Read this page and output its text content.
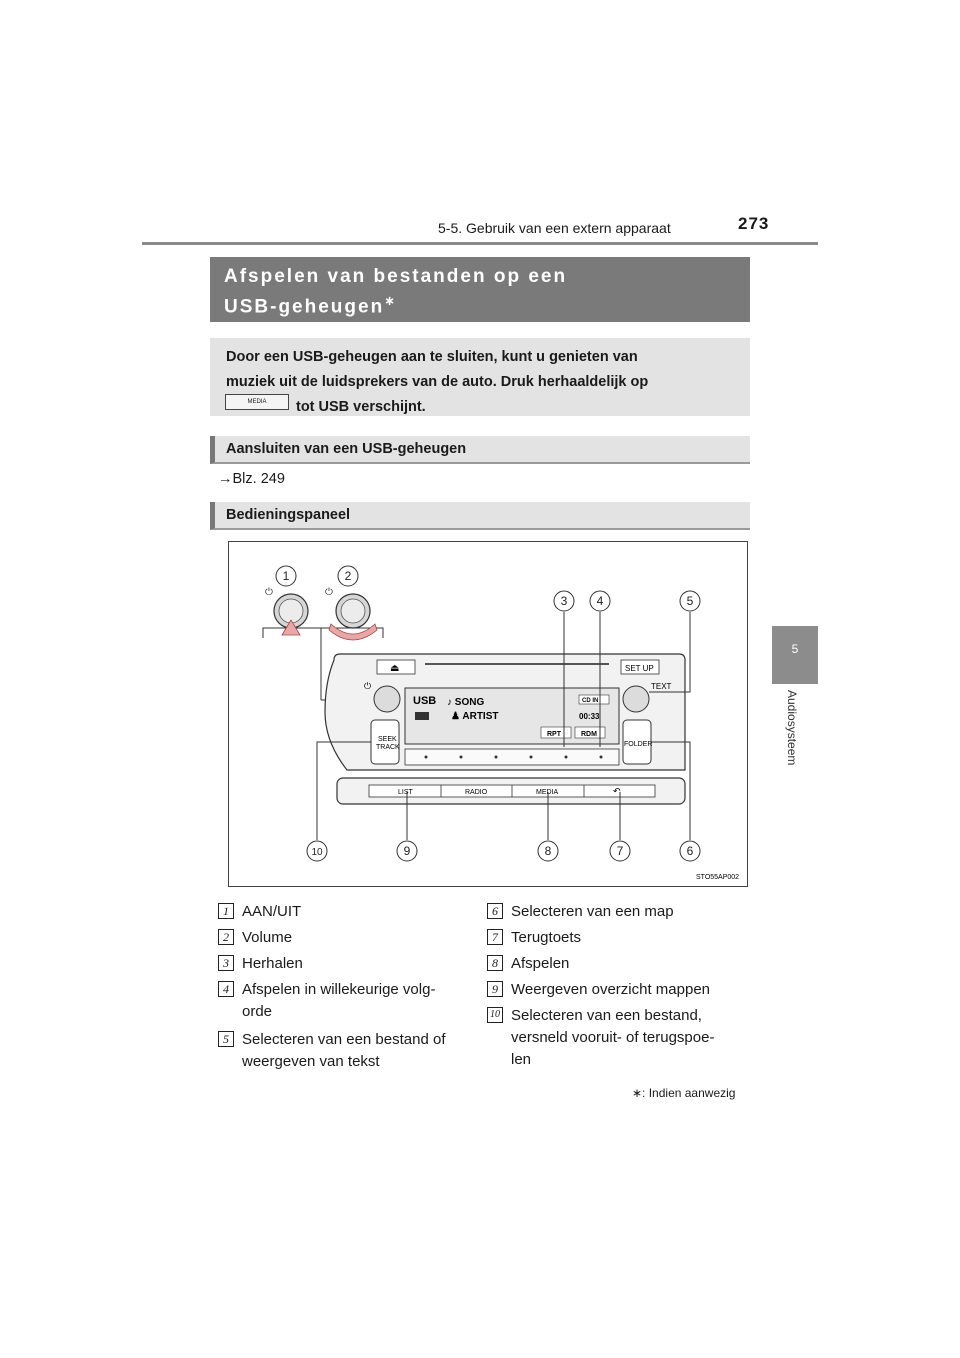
5-5. Gebruik van een extern apparaat	273
5
Audiosysteem
Afspelen van bestanden op een
USB-geheugen∗
Door een USB-geheugen aan te sluiten, kunt u genieten van
muziek uit de luidsprekers van de auto. Druk herhaaldelijk op
tot USB verschijnt.
MEDIA
Aansluiten van een USB-geheugen
→Blz. 249
Bedieningspaneel
⏻	⏻
⏏	SET UP
⏻	TEXT
USB ♪ SONG
♟ ARTIST
CD IN
00:33
RPT	RDM
SEEK
TRACK	FOLDER
LIST	RADIO	MEDIA	↶
1	2
3 4	5
6
7
8
9
10
STO55AP002
1 AAN/UIT
2 Volume
3 Herhalen
4 Afspelen in willekeurige volg-
orde
5 Selecteren van een bestand of
weergeven van tekst
6 Selecteren van een map
7 Terugtoets
8 Afspelen
9 Weergeven overzicht mappen
10 Selecteren van een bestand,
versneld vooruit- of terugspoe-
len
∗: Indien aanwezig
